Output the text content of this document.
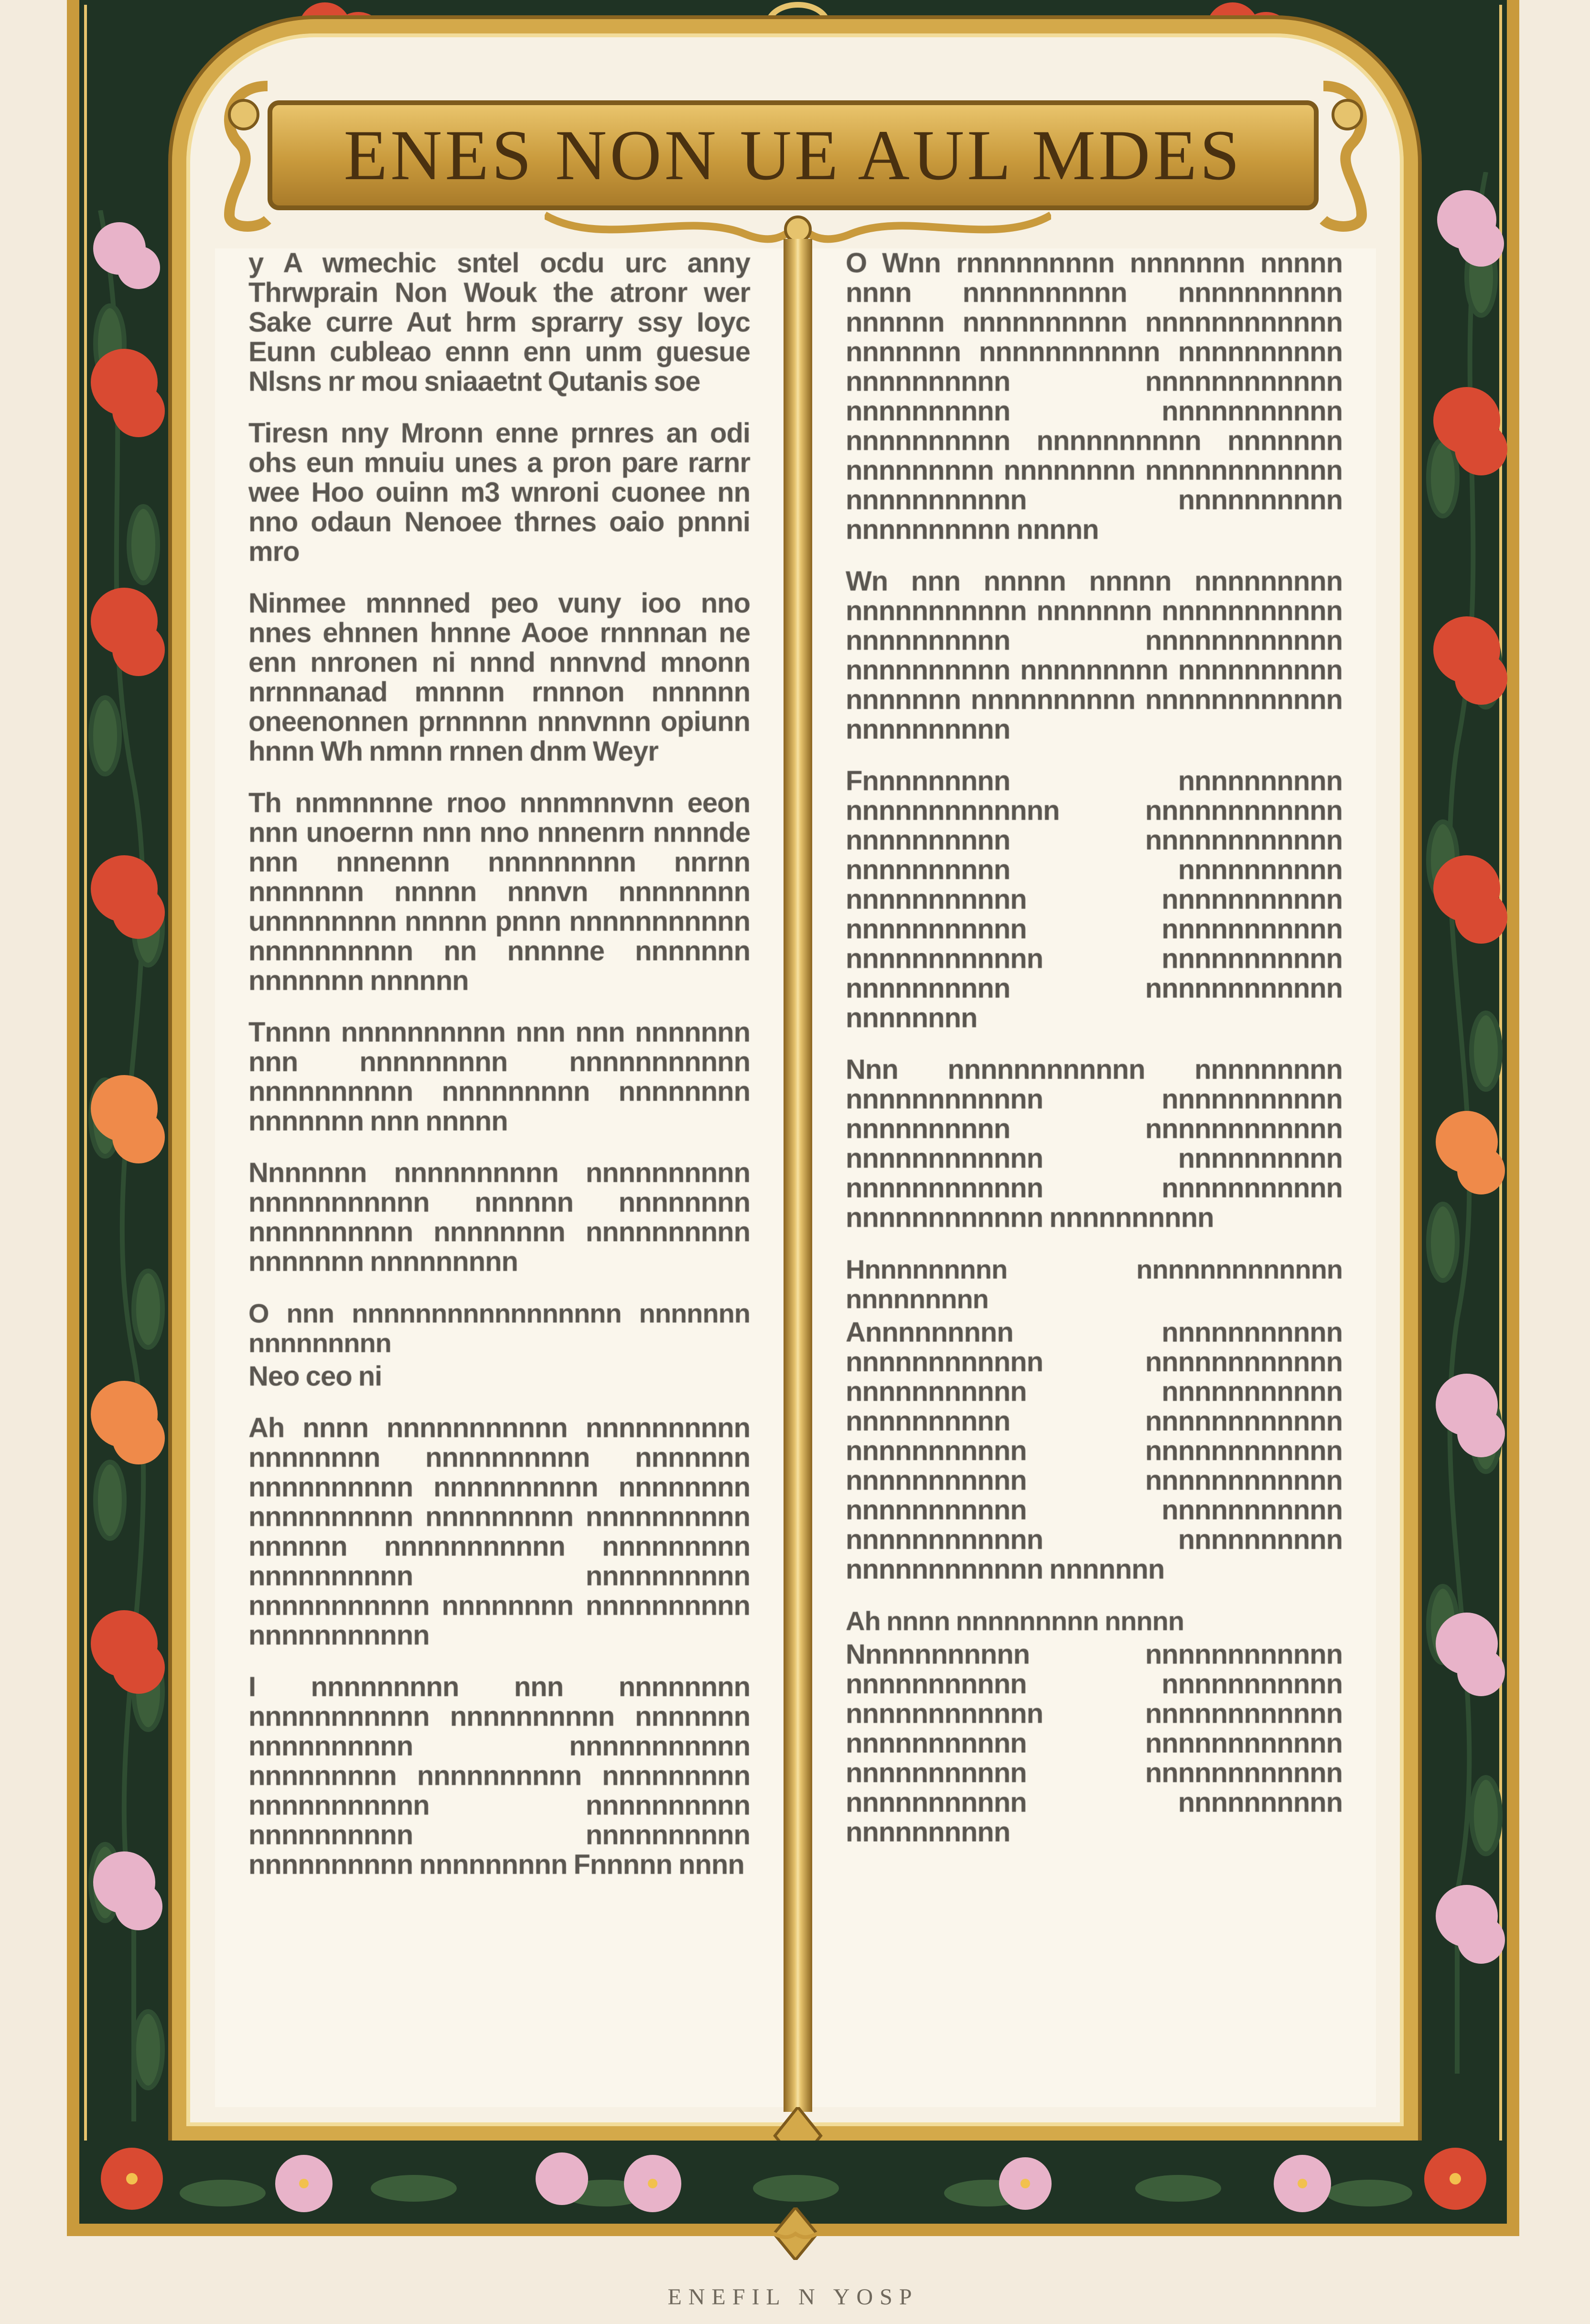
ENES NON UE AUL MDES

y A wmechic sntel ocdu urc anny Thrwprain Non Wouk the atronr wer Sake curre Aut hrm sprarry ssy Ioyc Eunn cubleao ennn enn unm guesue Nlsns nr mou sniaaetnt Qutanis soe

Tiresn nny Mronn enne prnres an odi ohs eun mnuiu unes a pron pare rarnr wee Hoo ouinn m3 wnroni cuonee nn nno odaun Nenoee thrnes oaio pnnni mro

Ninmee mnnned peo vuny ioo nno nnes ehnnen hnnne Aooe rnnnnan ne enn nnronen ni nnnd nnnvnd mnonn nrnnnanad mnnnn rnnnon nnnnnn oneenonnen prnnnnn nnnvnnn opiunn hnnn Wh nmnn rnnen dnm Weyr

Th nnmnnnne rnoo nnnmnnvnn eeon nnn unoernn nnn nno nnnenrn nnnnde nnn nnnennn nnnnnnnnn nnrnn nnnnnnn nnnnn nnnvn nnnnnnnn unnnnnnnn nnnnn pnnn nnnnnnnnnnn nnnnnnnnnn nn nnnnne nnnnnnn nnnnnnn nnnnnn

Tnnnn nnnnnnnnnn nnn nnn nnnnnnn nnn nnnnnnnnn nnnnnnnnnnn nnnnnnnnnn nnnnnnnnn nnnnnnnn nnnnnnn nnn nnnnn

Nnnnnnn nnnnnnnnnn nnnnnnnnnn nnnnnnnnnnn nnnnnn nnnnnnnn nnnnnnnnnn nnnnnnnn nnnnnnnnnn nnnnnnn nnnnnnnnn

O nnn nnnnnnnnnnnnnnnnn nnnnnnn nnnnnnnnn

Neo ceo ni

Ah nnnn nnnnnnnnnnn nnnnnnnnnn nnnnnnnn nnnnnnnnnn nnnnnnn nnnnnnnnnn nnnnnnnnnn nnnnnnnn nnnnnnnnnn nnnnnnnnn nnnnnnnnnn nnnnnn nnnnnnnnnnn nnnnnnnnn nnnnnnnnnn nnnnnnnnnn nnnnnnnnnnn nnnnnnnn nnnnnnnnnn nnnnnnnnnnn

I nnnnnnnnn nnn nnnnnnnn nnnnnnnnnnn nnnnnnnnnn nnnnnnn nnnnnnnnnn nnnnnnnnnnn nnnnnnnnn nnnnnnnnnn nnnnnnnnn nnnnnnnnnnn nnnnnnnnnn nnnnnnnnnn nnnnnnnnnn nnnnnnnnnn nnnnnnnnn Fnnnnn nnnn

O Wnn rnnnnnnnnn nnnnnnn nnnnn nnnn nnnnnnnnnn nnnnnnnnnn nnnnnn nnnnnnnnnn nnnnnnnnnnnn nnnnnnn nnnnnnnnnnn nnnnnnnnnn nnnnnnnnnn nnnnnnnnnnnn nnnnnnnnnn nnnnnnnnnnn nnnnnnnnnn nnnnnnnnnn nnnnnnn nnnnnnnnn nnnnnnnn nnnnnnnnnnnn nnnnnnnnnnn nnnnnnnnnn nnnnnnnnnn nnnnn

Wn nnn nnnnn nnnnn nnnnnnnnn nnnnnnnnnnn nnnnnnn nnnnnnnnnnn nnnnnnnnnn nnnnnnnnnnnn nnnnnnnnnn nnnnnnnnn nnnnnnnnnn nnnnnnn nnnnnnnnnn nnnnnnnnnnnn nnnnnnnnnn

Fnnnnnnnnn nnnnnnnnnn nnnnnnnnnnnnn nnnnnnnnnnnn nnnnnnnnnn nnnnnnnnnnnn nnnnnnnnnn nnnnnnnnnn nnnnnnnnnnn nnnnnnnnnnn nnnnnnnnnnn nnnnnnnnnnn nnnnnnnnnnnn nnnnnnnnnnn nnnnnnnnnn nnnnnnnnnnnn nnnnnnnn

Nnn nnnnnnnnnnnn nnnnnnnnn nnnnnnnnnnnn nnnnnnnnnnn nnnnnnnnnn nnnnnnnnnnnn nnnnnnnnnnnn nnnnnnnnnn nnnnnnnnnnnn nnnnnnnnnnn nnnnnnnnnnnn nnnnnnnnnn

Hnnnnnnnnn nnnnnnnnnnnnn nnnnnnnnn

Annnnnnnnn nnnnnnnnnnn nnnnnnnnnnnn nnnnnnnnnnnn nnnnnnnnnnn nnnnnnnnnnn nnnnnnnnnn nnnnnnnnnnnn nnnnnnnnnnn nnnnnnnnnnnn nnnnnnnnnnn nnnnnnnnnnnn nnnnnnnnnnn nnnnnnnnnnn nnnnnnnnnnnn nnnnnnnnnn nnnnnnnnnnnn nnnnnnn

Ah nnnn nnnnnnnnn nnnnn

Nnnnnnnnnnn nnnnnnnnnnnn nnnnnnnnnnn nnnnnnnnnnn nnnnnnnnnnnn nnnnnnnnnnnn nnnnnnnnnnn nnnnnnnnnnnn nnnnnnnnnnn nnnnnnnnnnnn nnnnnnnnnnn nnnnnnnnnn nnnnnnnnnn

ENEFIL N YOSP
